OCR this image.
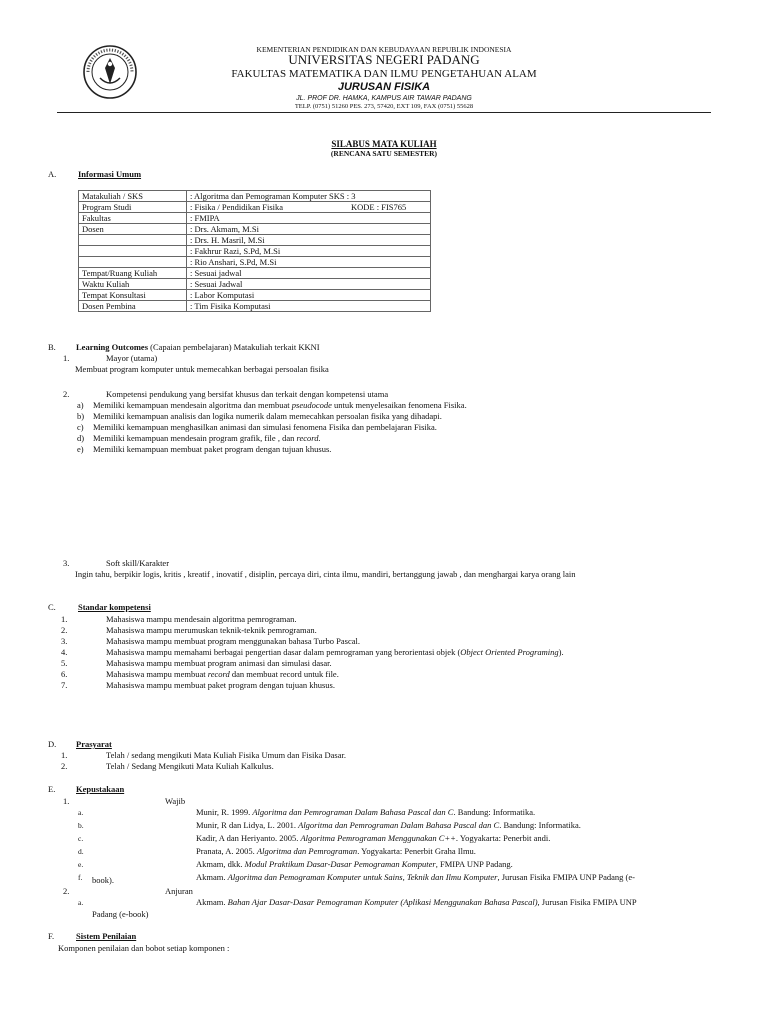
KEMENTERIAN PENDIDIKAN DAN KEBUDAYAAN REPUBLIK INDONESIA
UNIVERSITAS NEGERI PADANG
FAKULTAS MATEMATIKA DAN ILMU PENGETAHUAN ALAM
JURUSAN FISIKA
JL. PROF DR. HAMKA, KAMPUS AIR TAWAR PADANG
TELP. (0751) 51260 PES. 273, 57420, EXT 109, FAX (0751) 55628
SILABUS MATA KULIAH
(RENCANA SATU SEMESTER)
A.	Informasi Umum
Matakuliah / SKS	: Algoritma dan Pemograman Komputer SKS : 3
Program Studi	: Fisika / Pendidikan Fisika KODE : FIS765

Fakultas	: FMIPA
Dosen	: Drs. Akmam, M.Si
	: Drs. H. Masril, M.Si
	: Fakhrur Razi, S.Pd, M.Si
	: Rio Anshari, S.Pd, M.Si
Tempat/Ruang Kuliah	: Sesuai jadwal
Waktu Kuliah	: Sesuai Jadwal
Tempat Konsultasi	: Labor Komputasi
Dosen Pembina	: Tim Fisika Komputasi
B. Learning Outcomes (Capaian pembelajaran) Matakuliah terkait KKNI
1.	Mayor (utama)
Membuat program komputer untuk memecahkan berbagai persoalan fisika
2.	Kompetensi pendukung yang bersifat khusus dan terkait dengan kompetensi utama
a) Memiliki kemampuan mendesain algoritma dan membuat pseudocode untuk menyelesaikan fenomena Fisika.
b) Memiliki kemampuan analisis dan logika numerik dalam memecahkan persoalan fisika yang dihadapi.
c) Memiliki kemampuan menghasilkan animasi dan simulasi fenomena Fisika dan pembelajaran Fisika.
d) Memiliki kemampuan mendesain program grafik, file , dan record.
e) Memiliki kemampuan membuat paket program dengan tujuan khusus.
3.	Soft skill/Karakter
Ingin tahu, berpikir logis, kritis , kreatif , inovatif , disiplin, percaya diri, cinta ilmu, mandiri, bertanggung jawab , dan menghargai karya orang lain
C.	Standar kompetensi
1.	Mahasiswa mampu mendesain algoritma pemrograman.
2.	Mahasiswa mampu merumuskan teknik-teknik pemrograman.
3.	Mahasiswa mampu membuat program menggunakan bahasa Turbo Pascal.
4.	Mahasiswa mampu memahami berbagai pengertian dasar dalam pemrograman yang berorientasi objek (Object Oriented Programing).
5.	Mahasiswa mampu membuat program animasi dan simulasi dasar.
6.	Mahasiswa mampu membuat record dan membuat record untuk file.
7.	Mahasiswa mampu membuat paket program dengan tujuan khusus.
D. Prasyarat
1.	Telah / sedang mengikuti Mata Kuliah Fisika Umum dan Fisika Dasar.
2.	Telah / Sedang Mengikuti Mata Kuliah Kalkulus.
E. Kepustakaan
1.	Wajib
a.	Munir, R. 1999. Algoritma dan Pemrograman Dalam Bahasa Pascal dan C. Bandung: Informatika.
b.	Munir, R dan Lidya, L. 2001. Algoritma dan Pemrograman Dalam Bahasa Pascal dan C. Bandung: Informatika.
c.	Kadir, A dan Heriyanto. 2005. Algoritma Pemrograman Menggunakan C++. Yogyakarta: Penerbit andi.
d.	Pranata, A. 2005. Algoritma dan Pemrograman. Yogyakarta: Penerbit Graha Ilmu.
e.	Akmam, dkk. Modul Praktikum Dasar-Dasar Pemograman Komputer, FMIPA UNP Padang.
f.	Akmam. Algoritma dan Pemograman Komputer untuk Sains, Teknik dan Ilmu Komputer, Jurusan Fisika FMIPA UNP Padang (e-
book).
2.	Anjuran
a.	Akmam. Bahan Ajar Dasar-Dasar Pemograman Komputer (Aplikasi Menggunakan Bahasa Pascal), Jurusan Fisika FMIPA UNP
Padang (e-book)
F.	Sistem Penilaian
Komponen penilaian dan bobot setiap komponen :
